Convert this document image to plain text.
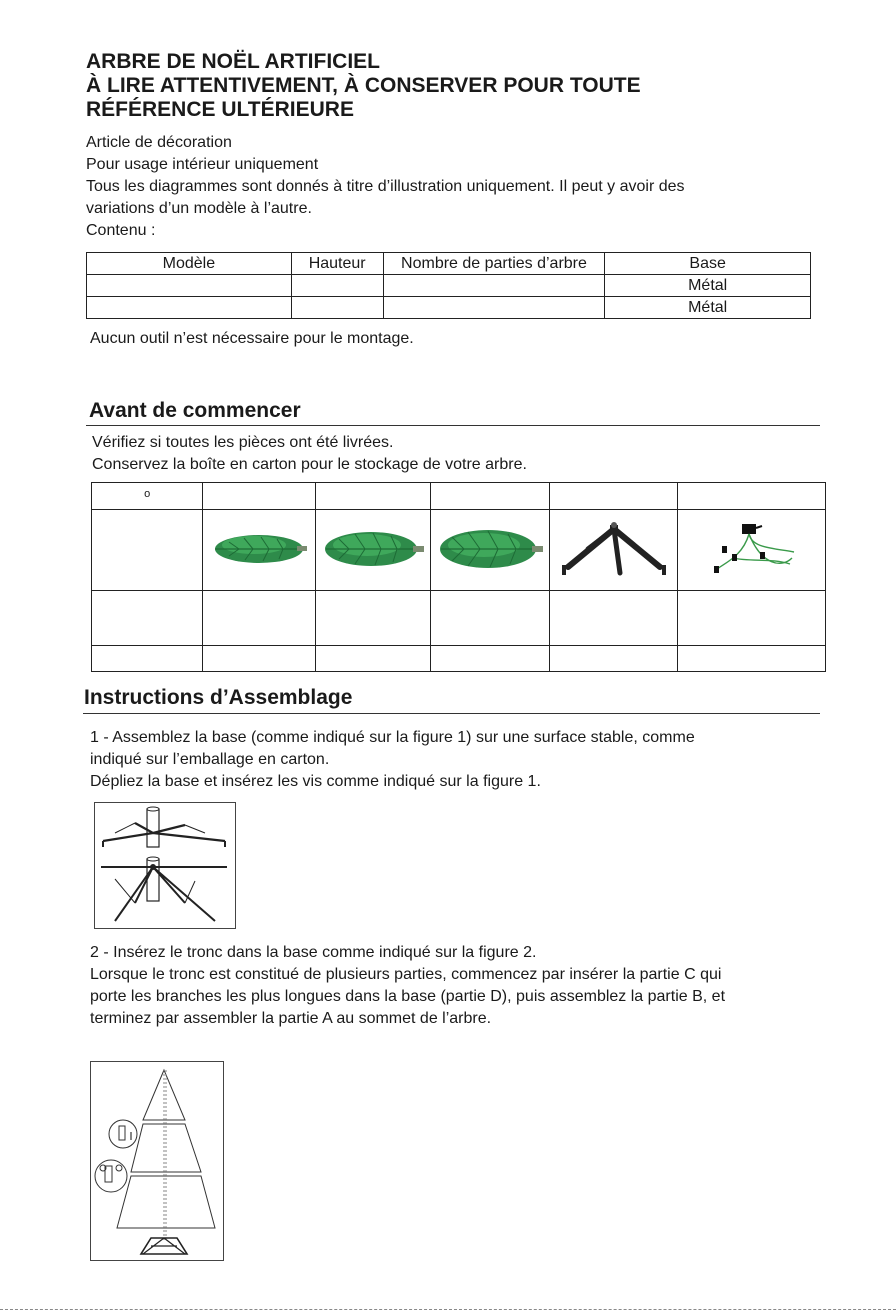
ARBRE DE NOËL ARTIFICIEL
À LIRE ATTENTIVEMENT, À CONSERVER POUR TOUTE
RÉFÉRENCE ULTÉRIEURE
Article de décoration
Pour usage intérieur uniquement
Tous les diagrammes sont donnés à titre d’illustration uniquement. Il peut y avoir des
variations d’un modèle à l’autre.
Contenu :
Modèle	Hauteur	Nombre de parties d’arbre	Base
			Métal
			Métal
Aucun outil n’est nécessaire pour le montage.
Avant de commencer
Vérifiez si toutes les pièces ont été livrées.
Conservez la boîte en carton pour le stockage de votre arbre.
$^o$					

Instructions d’Assemblage
1 - Assemblez la base (comme indiqué sur la figure 1) sur une surface stable, comme
indiqué sur l’emballage en carton.
Dépliez la base et insérez les vis comme indiqué sur la figure 1.
2 - Insérez le tronc dans la base comme indiqué sur la figure 2.
Lorsque le tronc est constitué de plusieurs parties, commencez par insérer la partie C qui
porte les branches les plus longues dans la base (partie D), puis assemblez la partie B, et
terminez par assembler la partie A au sommet de l’arbre.
